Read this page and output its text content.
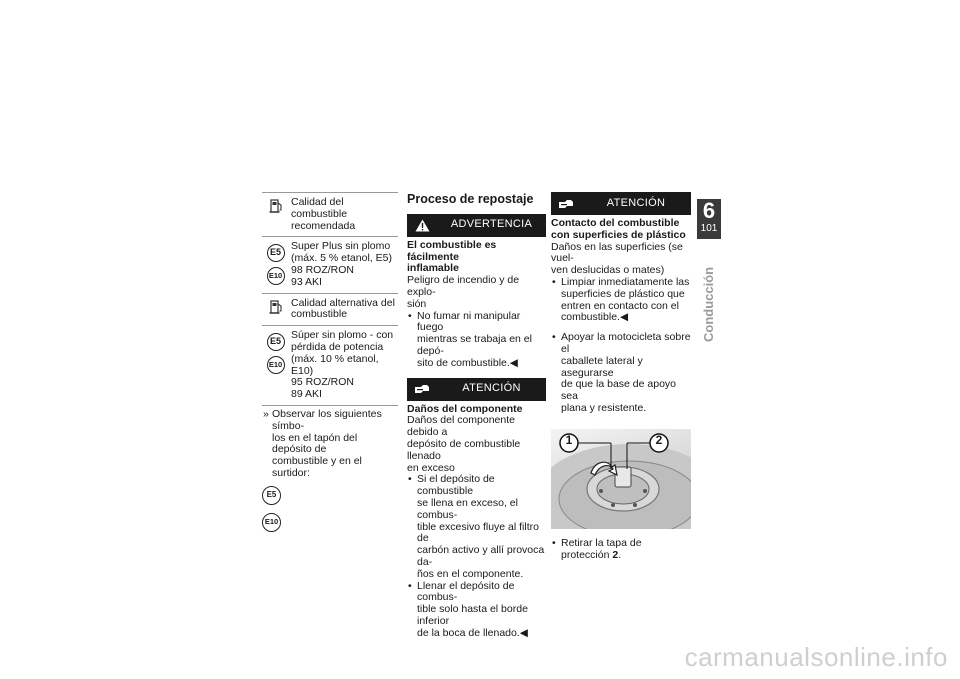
Calidad del combustible
recomendada
E5
E10
Super Plus sin plomo
(máx. 5 % etanol, E5)
98 ROZ/RON
93 AKI
Calidad alternativa del
combustible
E5
E10
Súper sin plomo - con
pérdida de potencia
(máx. 10 % etanol, E10)
95 ROZ/RON
89 AKI
» Observar los siguientes símbo-
los en el tapón del depósito de
combustible y en el surtidor:
E5
E10
Proceso de repostaje
ADVERTENCIA
El combustible es fácilmente
inflamable
Peligro de incendio y de explo-
sión
• No fumar ni manipular fuego
mientras se trabaja en el depó-
sito de combustible.◀
ATENCIÓN
Daños del componente
Daños del componente debido a
depósito de combustible llenado
en exceso
• Si el depósito de combustible
se llena en exceso, el combus-
tible excesivo fluye al filtro de
carbón activo y allí provoca da-
ños en el componente.
• Llenar el depósito de combus-
tible solo hasta el borde inferior
de la boca de llenado.◀
ATENCIÓN
Contacto del combustible
con superficies de plástico
Daños en las superficies (se vuel-
ven deslucidas o mates)
• Limpiar inmediatamente las
superficies de plástico que
entren en contacto con el
combustible.◀
• Apoyar la motocicleta sobre el
caballete lateral y asegurarse
de que la base de apoyo sea
plana y resistente.
1	2
• Retirar la tapa de protección 2.
6
101
Conducción
carmanualsonline.info
